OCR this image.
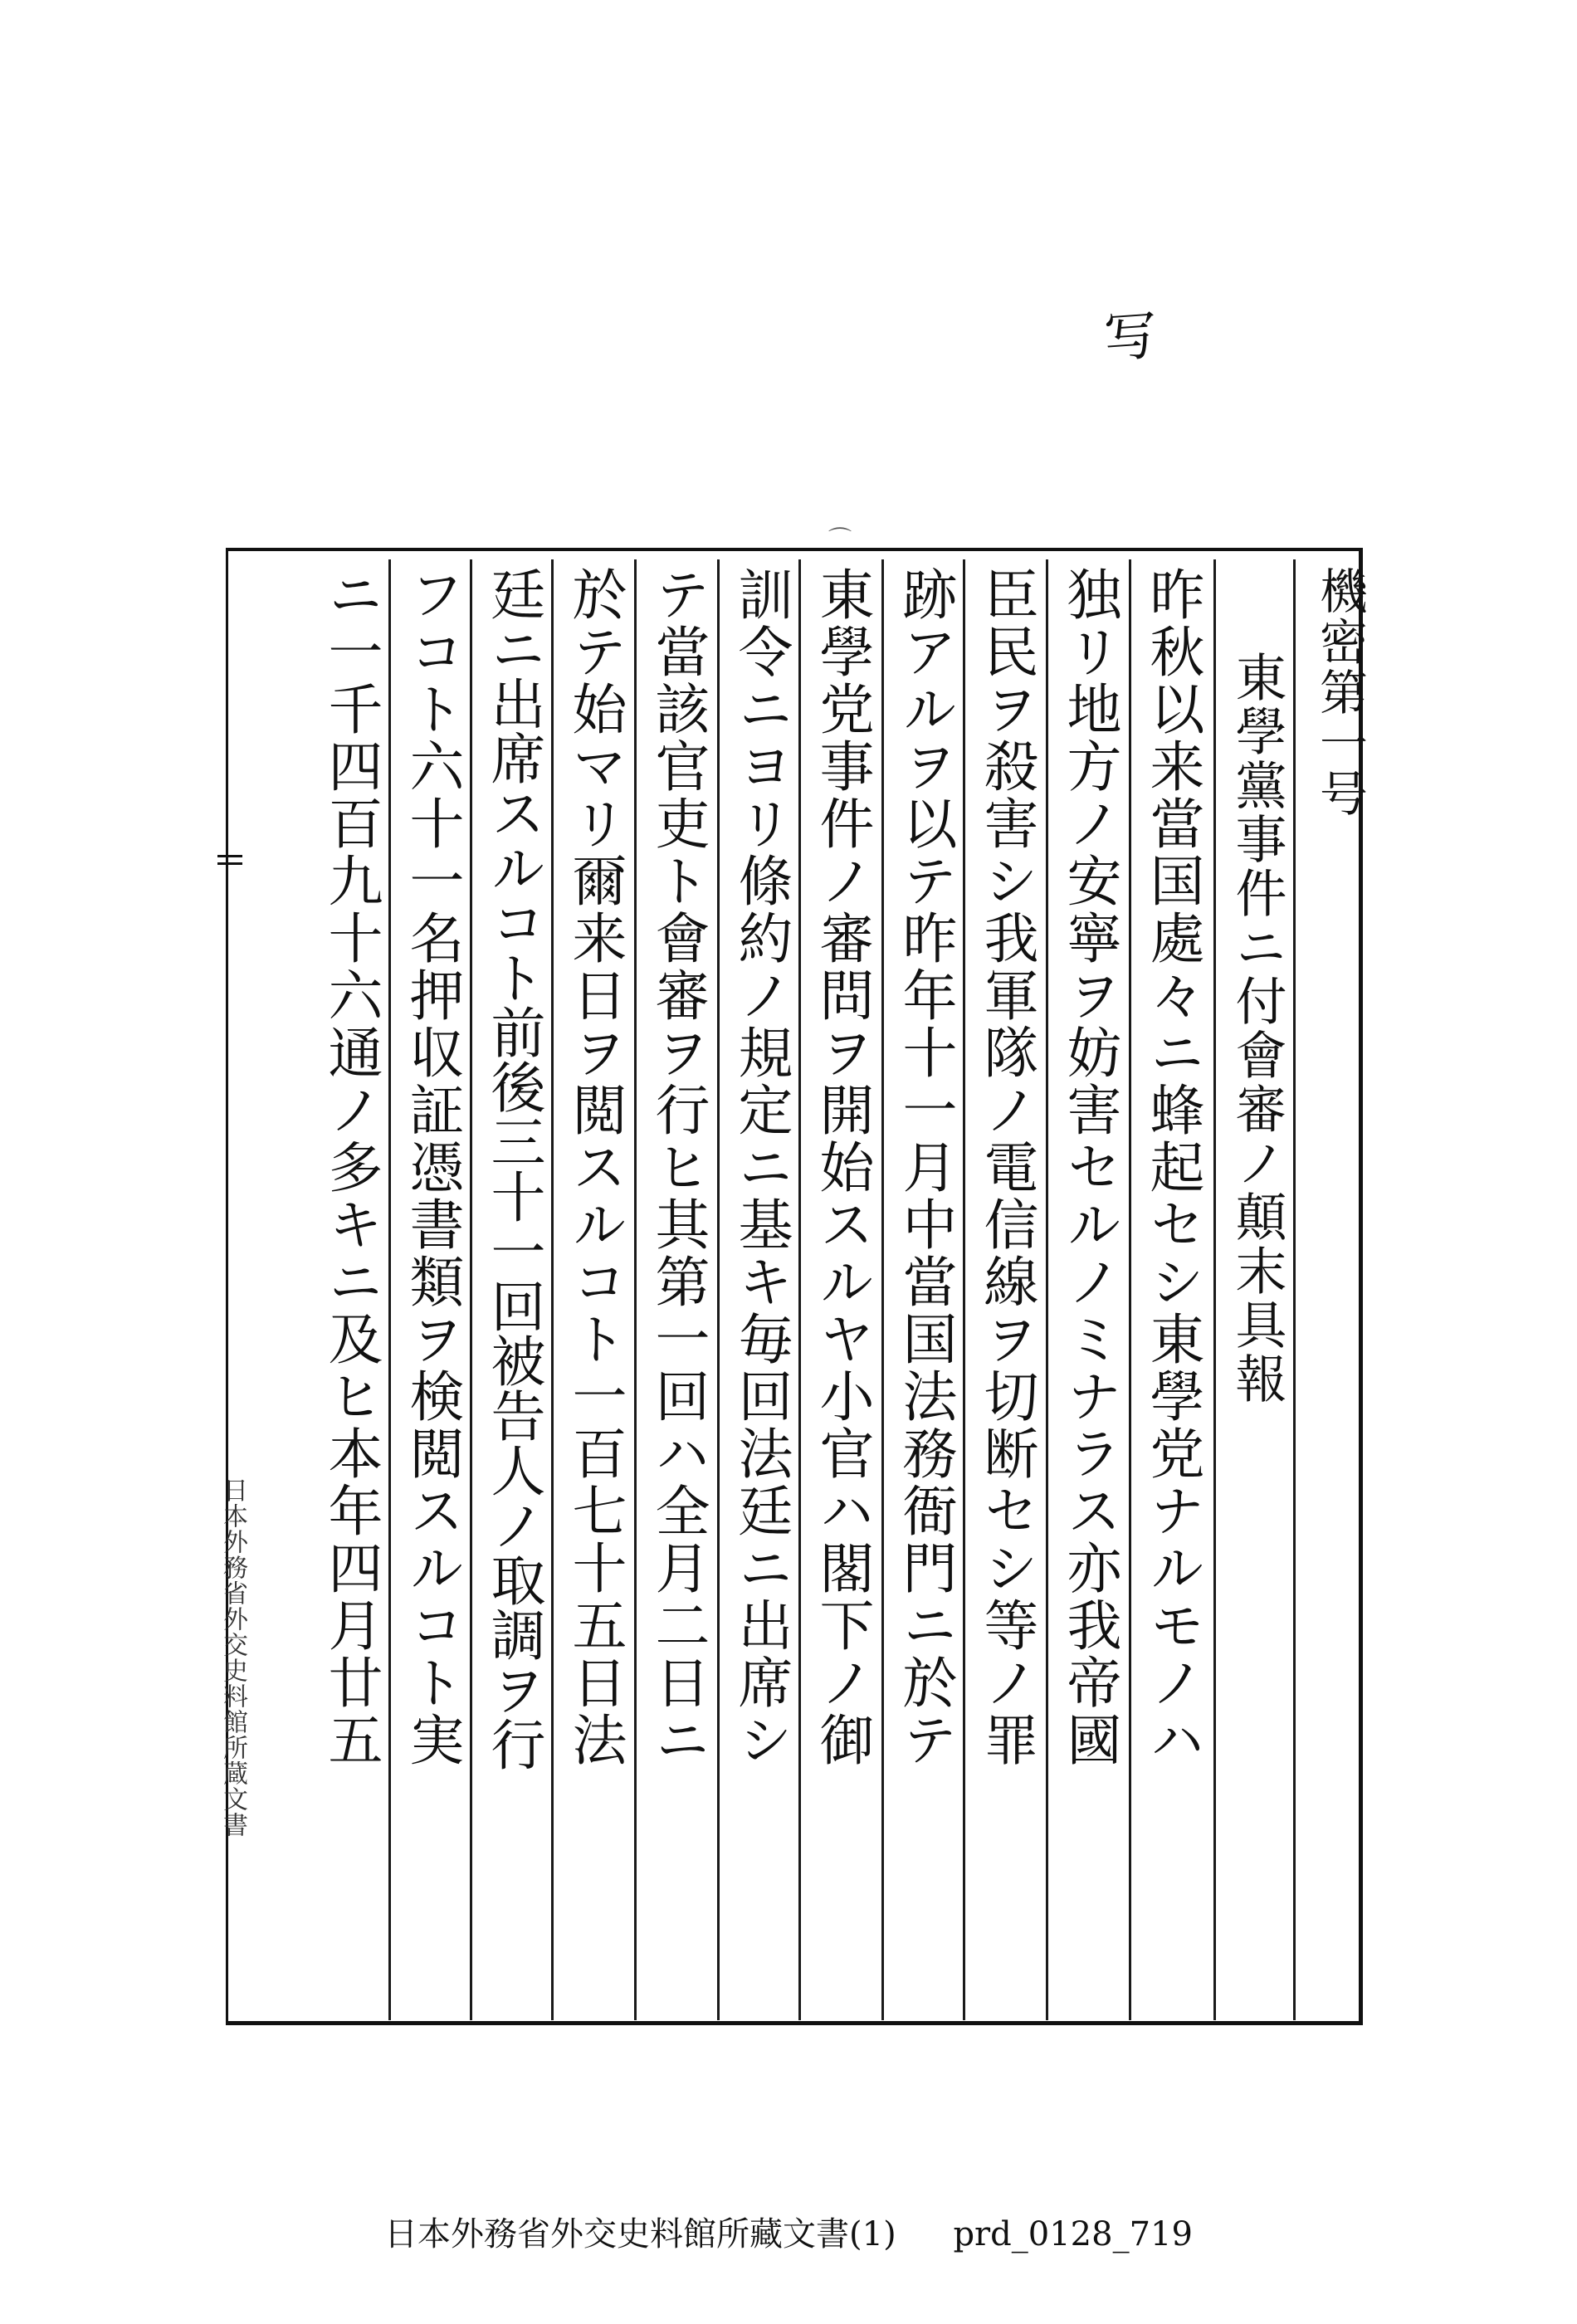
写
⌒
機密第一号
東學黨事件ニ付會審ノ顛末具報
昨秋以来當国處々ニ蜂起セシ東學党ナルモノハ
独リ地方ノ安寧ヲ妨害セルノミナラス亦我帝國
臣民ヲ殺害シ我軍隊ノ電信線ヲ切断セシ等ノ罪
跡アルヲ以テ昨年十一月中當国法務衙門ニ於テ
東學党事件ノ審問ヲ開始スルヤ小官ハ閣下ノ御
訓令ニヨリ條約ノ規定ニ基キ毎回法廷ニ出席シ
テ當該官吏ト會審ヲ行ヒ其第一回ハ全月二日ニ
於テ始マリ爾来日ヲ閲スルコト一百七十五日法
廷ニ出席スルコト前後三十一回被告人ノ取調ヲ行
フコト六十一名押収証憑書類ヲ検閲スルコト実
ニ一千四百九十六通ノ多キニ及ヒ本年四月廿五
日本外務省外交史料館所蔵文書
日本外務省外交史料館所藏文書(1) prd_0128_719
